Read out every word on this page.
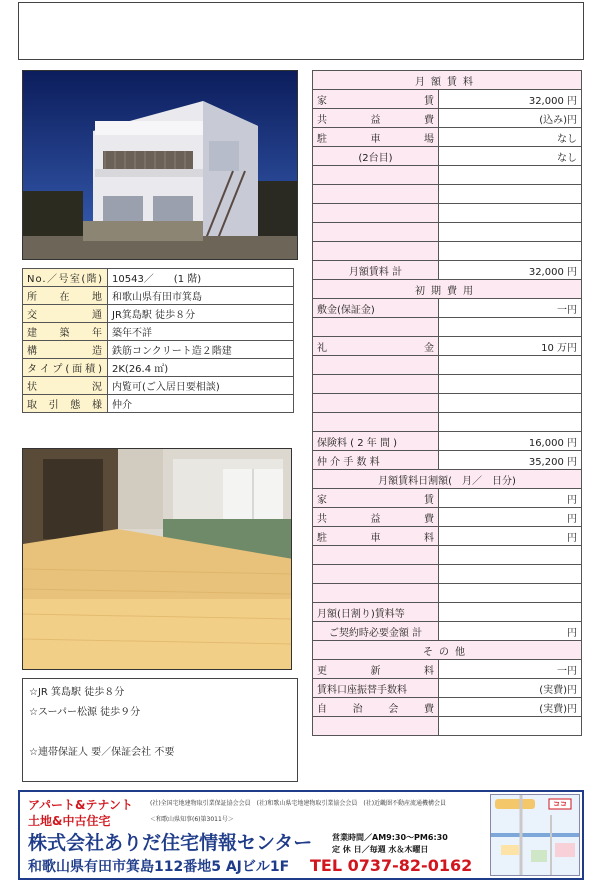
No.／号室(階)	10543／　　(1 階)
所 在 地	和歌山県有田市箕島
交 通	JR箕島駅 徒歩８分
建 築 年	築年不詳
構 造	鉄筋コンクリート造２階建
タイプ(面積)	2K(26.4 ㎡)
状 況	内覧可(ご入居日要相談)
取 引 態 様	仲介
☆JR 箕島駅 徒歩８分
☆スーパー松源 徒歩９分
☆連帯保証人 要／保証会社 不要
月額賃料	

家 賃	32,000 円

共 益 費	(込み)円

駐 車 場	なし
(2台目)	なし

月額賃料 計	32,000 円
初期費用	
敷金(保証金)	一円

礼 金	10 万円

保険料 ( 2 年 間 )	16,000 円
仲 介 手 数 料	35,200 円
月額賃料日割額(　月／　日分)	

家 賃	円

共 益 費	円

駐 車 料	円

月額(日割り)賃料等	
ご契約時必要金額 計	円
その他	

更 新 料	一円
賃料口座振替手数料	(実費)円

自 治 会 費	(実費)円

アパート&テナント
土地&中古住宅
(社)全国宅地建物取引業保証協会会員　(社)和歌山県宅地建物取引業協会会員　(社)近畿圏不動産流通機構会員
＜和歌山県知事(6)第3011号＞
株式会社ありだ住宅情報センター 営業時間／AM9:30〜PM6:30
定 休 日／毎週 水＆木曜日
和歌山県有田市箕島112番地5 AJビル1F TEL 0737-82-0162
ココ
